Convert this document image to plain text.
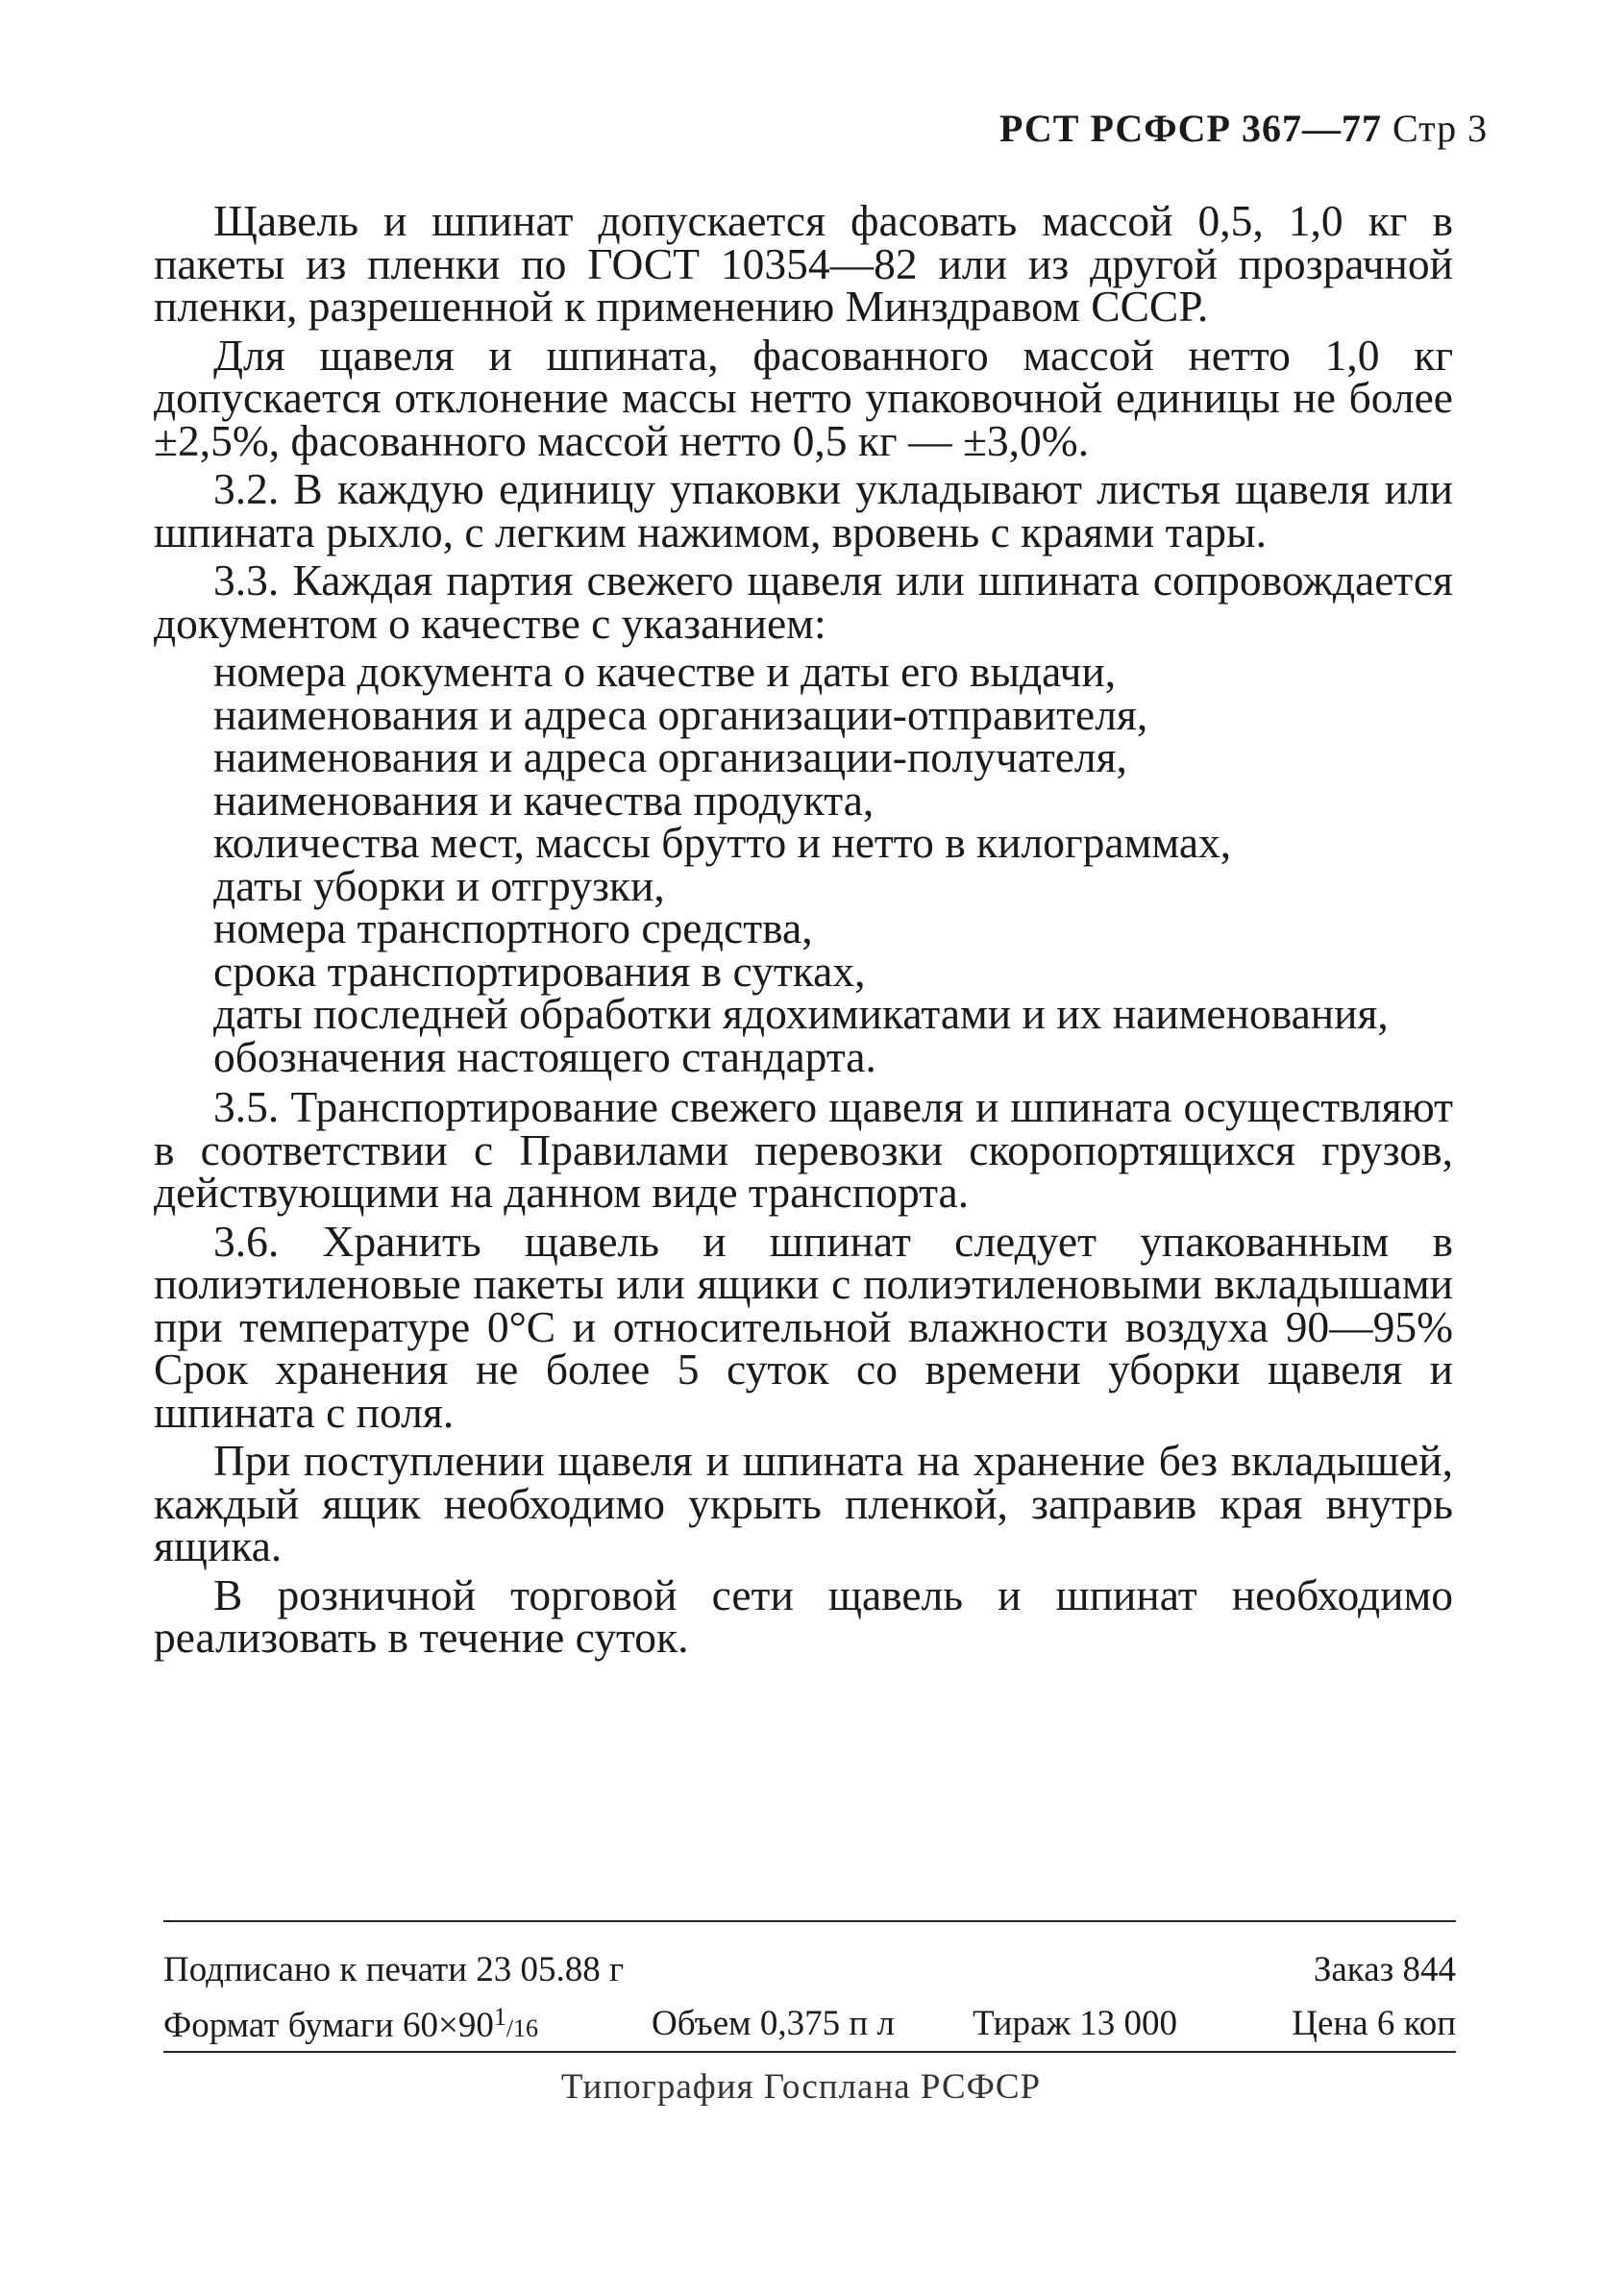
РСТ РСФСР 367—77 Стр 3

Щавель и шпинат допускается фасовать массой 0,5, 1,0 кг в пакеты из пленки по ГОСТ 10354—82 или из другой прозрачной пленки, разрешенной к применению Минздравом СССР.

Для щавеля и шпината, фасованного массой нетто 1,0 кг допускается отклонение массы нетто упаковочной единицы не более ±2,5%, фасованного массой нетто 0,5 кг — ±3,0%.

3.2. В каждую единицу упаковки укладывают листья щавеля или шпината рыхло, с легким нажимом, вровень с краями тары.

3.3. Каждая партия свежего щавеля или шпината сопровождается документом о качестве с указанием:

номера документа о качестве и даты его выдачи,
наименования и адреса организации-отправителя,
наименования и адреса организации-получателя,
наименования и качества продукта,
количества мест, массы брутто и нетто в килограммах,
даты уборки и отгрузки,
номера транспортного средства,
срока транспортирования в сутках,
даты последней обработки ядохимикатами и их наименования,
обозначения настоящего стандарта.

3.5. Транспортирование свежего щавеля и шпината осуществляют в соответствии с Правилами перевозки скоропортящихся грузов, действующими на данном виде транспорта.

3.6. Хранить щавель и шпинат следует упакованным в полиэтиленовые пакеты или ящики с полиэтиленовыми вкладышами при температуре 0°С и относительной влажности воздуха 90—95% Срок хранения не более 5 суток со времени уборки щавеля и шпината с поля.

При поступлении щавеля и шпината на хранение без вкладышей, каждый ящик необходимо укрыть пленкой, заправив края внутрь ящика.

В розничной торговой сети щавель и шпинат необходимо реализовать в течение суток.

Подписано к печати 23 05.88 г	Заказ 844
Формат бумаги $60\times 90^1/16$	Объем 0,375 п л Тираж 13 000	Цена 6 коп
Типография Госплана РСФСР
